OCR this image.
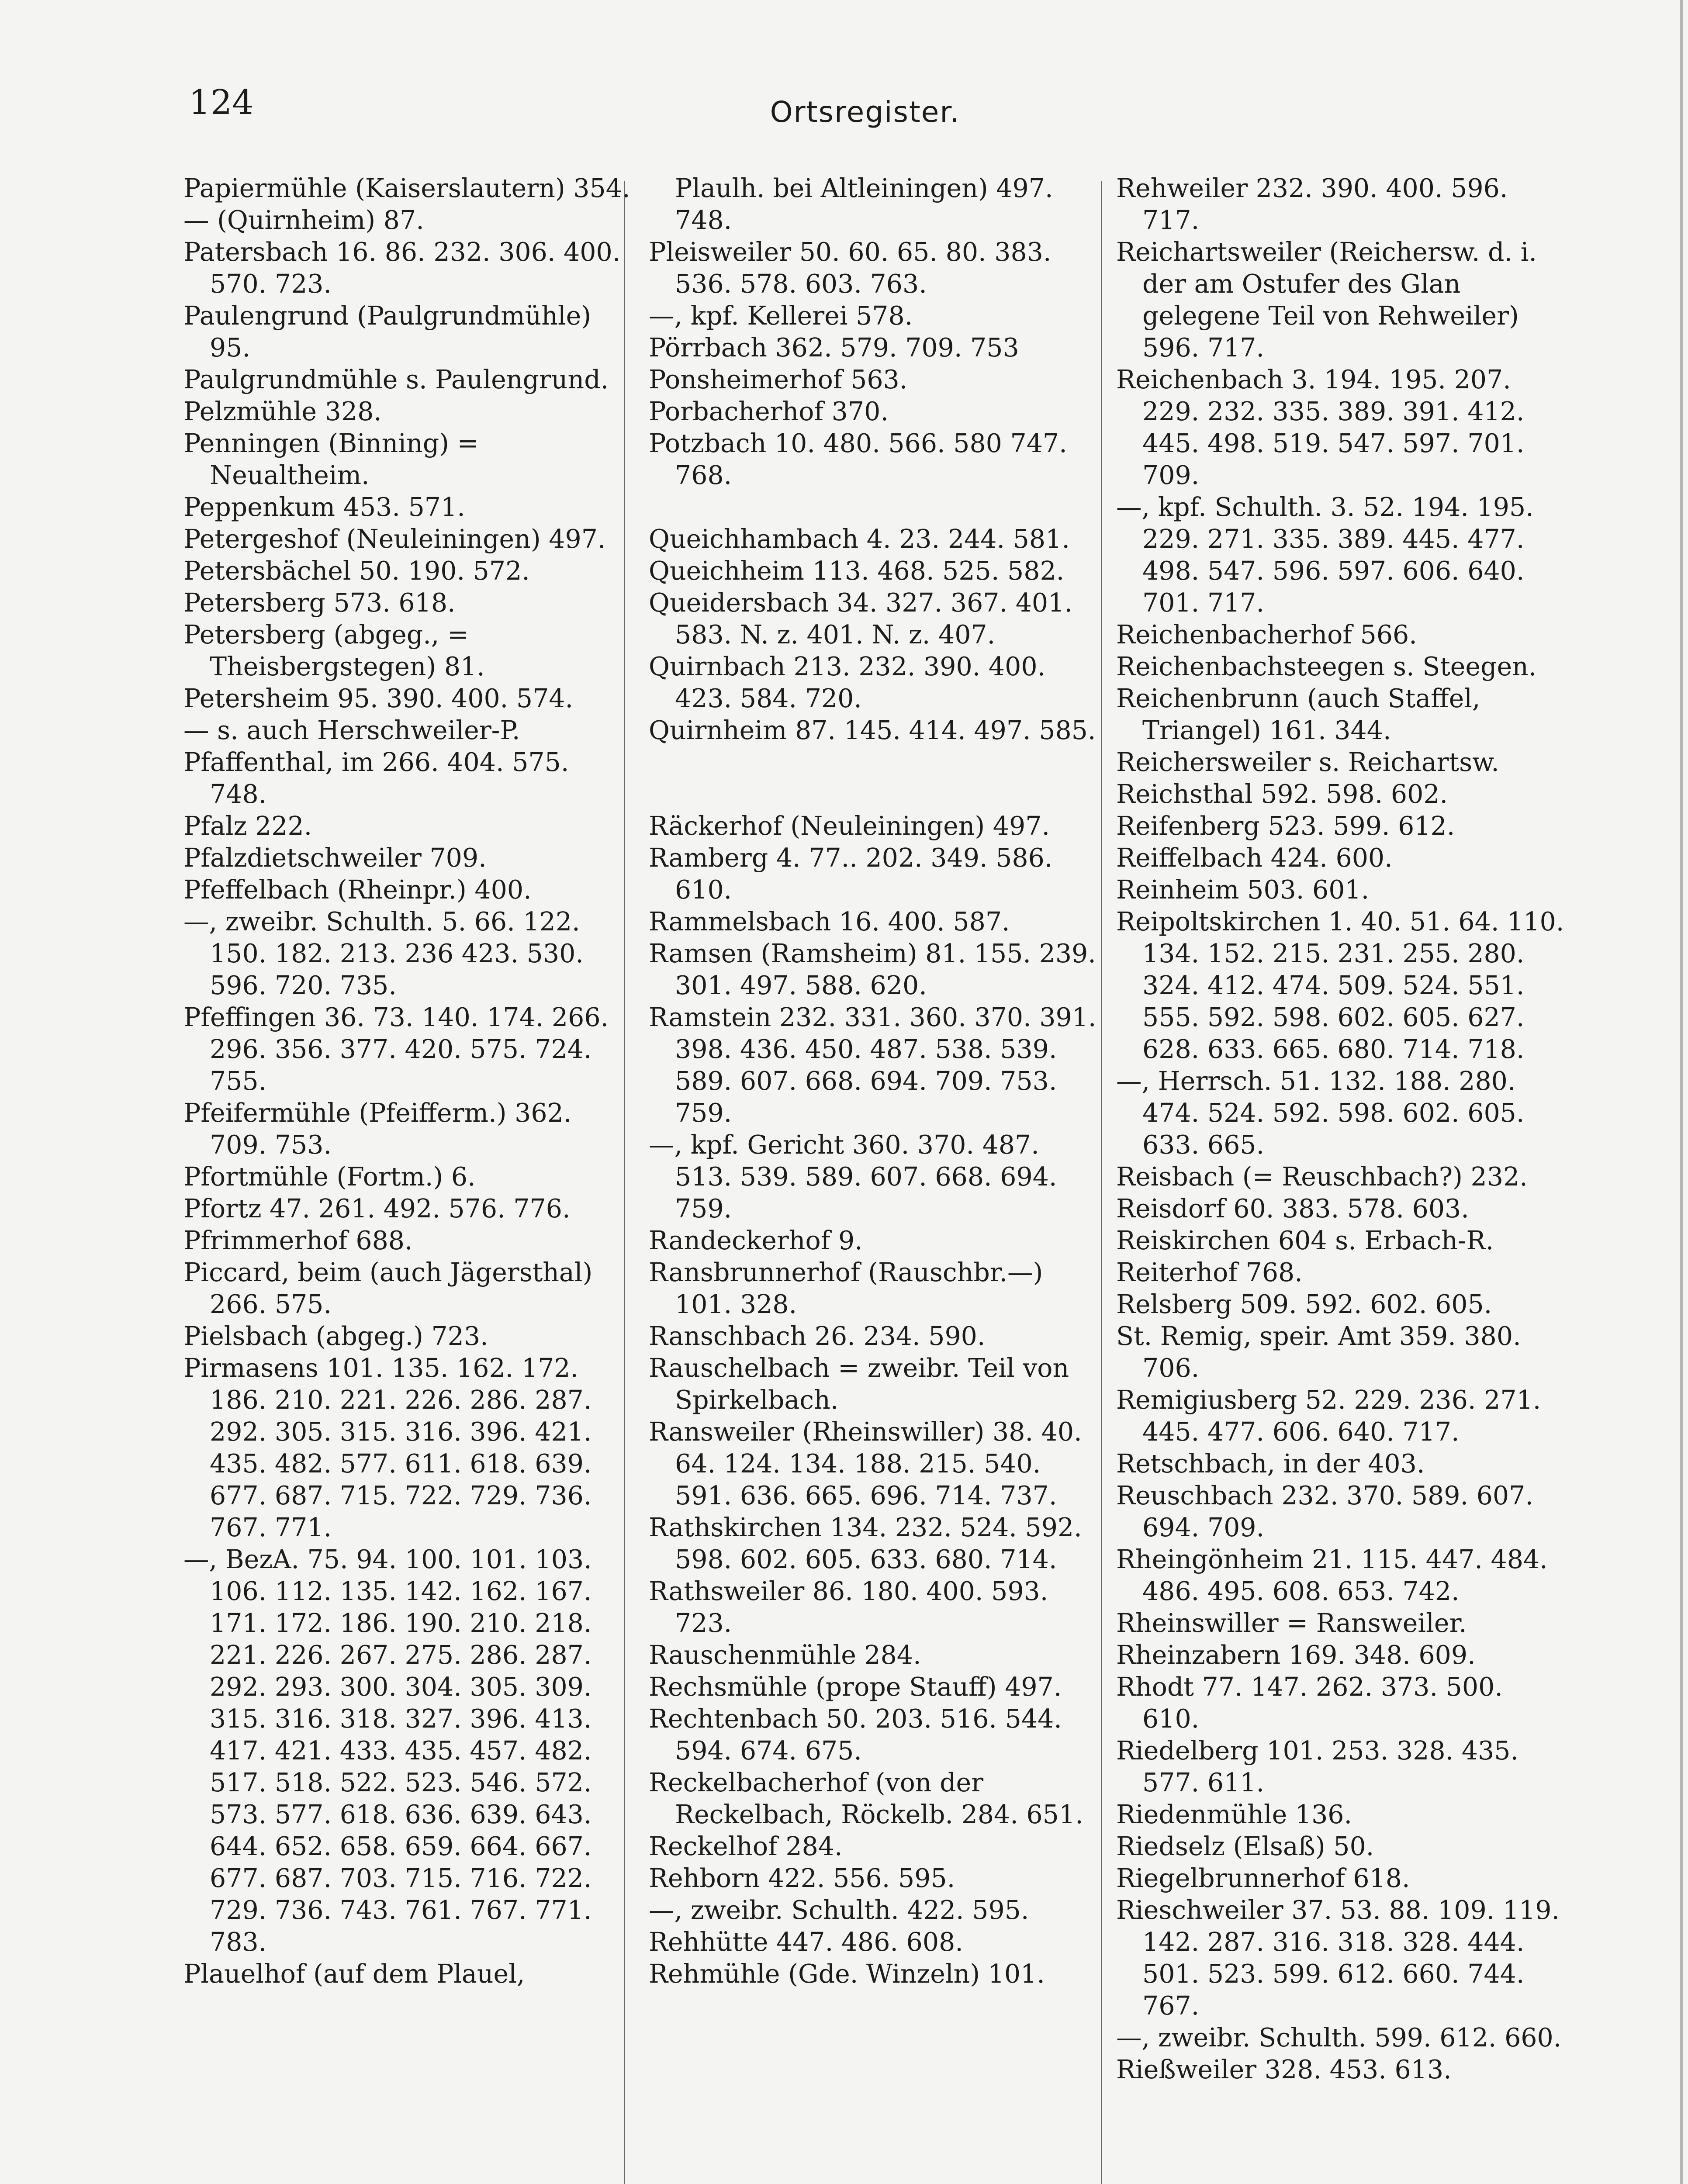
124	Ortsregister.
Papiermühle (Kaiserslautern) 354.
— (Quirnheim) 87.
Patersbach 16. 86. 232. 306. 400. 570. 723.
Paulengrund (Paulgrundmühle) 95.
Paulgrundmühle s. Paulengrund.
Pelzmühle 328.
Penningen (Binning) = Neualtheim.
Peppenkum 453. 571.
Petergeshof (Neuleiningen) 497.
Petersbächel 50. 190. 572.
Petersberg 573. 618.
Petersberg (abgeg., = Theisbergstegen) 81.
Petersheim 95. 390. 400. 574.
— s. auch Herschweiler-P.
Pfaffenthal, im 266. 404. 575. 748.
Pfalz 222.
Pfalzdietschweiler 709.
Pfeffelbach (Rheinpr.) 400.
—, zweibr. Schulth. 5. 66. 122. 150. 182. 213. 236 423. 530. 596. 720. 735.
Pfeffingen 36. 73. 140. 174. 266. 296. 356. 377. 420. 575. 724. 755.
Pfeifermühle (Pfeifferm.) 362. 709. 753.
Pfortmühle (Fortm.) 6.
Pfortz 47. 261. 492. 576. 776.
Pfrimmerhof 688.
Piccard, beim (auch Jägersthal) 266. 575.
Pielsbach (abgeg.) 723.
Pirmasens 101. 135. 162. 172. 186. 210. 221. 226. 286. 287. 292. 305. 315. 316. 396. 421. 435. 482. 577. 611. 618. 639. 677. 687. 715. 722. 729. 736. 767. 771.
—, BezA. 75. 94. 100. 101. 103. 106. 112. 135. 142. 162. 167. 171. 172. 186. 190. 210. 218. 221. 226. 267. 275. 286. 287. 292. 293. 300. 304. 305. 309. 315. 316. 318. 327. 396. 413. 417. 421. 433. 435. 457. 482. 517. 518. 522. 523. 546. 572. 573. 577. 618. 636. 639. 643. 644. 652. 658. 659. 664. 667. 677. 687. 703. 715. 716. 722. 729. 736. 743. 761. 767. 771. 783.
Plauelhof (auf dem Plauel,
Plaulh. bei Altleiningen) 497. 748.
Pleisweiler 50. 60. 65. 80. 383. 536. 578. 603. 763.
—, kpf. Kellerei 578.
Pörrbach 362. 579. 709. 753
Ponsheimerhof 563.
Porbacherhof 370.
Potzbach 10. 480. 566. 580 747. 768.
Queichhambach 4. 23. 244. 581.
Queichheim 113. 468. 525. 582.
Queidersbach 34. 327. 367. 401. 583. N. z. 401. N. z. 407.
Quirnbach 213. 232. 390. 400. 423. 584. 720.
Quirnheim 87. 145. 414. 497. 585.
Räckerhof (Neuleiningen) 497.
Ramberg 4. 77.. 202. 349. 586. 610.
Rammelsbach 16. 400. 587.
Ramsen (Ramsheim) 81. 155. 239. 301. 497. 588. 620.
Ramstein 232. 331. 360. 370. 391. 398. 436. 450. 487. 538. 539. 589. 607. 668. 694. 709. 753. 759.
—, kpf. Gericht 360. 370. 487. 513. 539. 589. 607. 668. 694. 759.
Randeckerhof 9.
Ransbrunnerhof (Rauschbr.—) 101. 328.
Ranschbach 26. 234. 590.
Rauschelbach = zweibr. Teil von Spirkelbach.
Ransweiler (Rheinswiller) 38. 40. 64. 124. 134. 188. 215. 540. 591. 636. 665. 696. 714. 737.
Rathskirchen 134. 232. 524. 592. 598. 602. 605. 633. 680. 714.
Rathsweiler 86. 180. 400. 593. 723.
Rauschenmühle 284.
Rechsmühle (prope Stauff) 497.
Rechtenbach 50. 203. 516. 544. 594. 674. 675.
Reckelbacherhof (von der Reckelbach, Röckelb. 284. 651.
Reckelhof 284.
Rehborn 422. 556. 595.
—, zweibr. Schulth. 422. 595.
Rehhütte 447. 486. 608.
Rehmühle (Gde. Winzeln) 101.
Rehweiler 232. 390. 400. 596. 717.
Reichartsweiler (Reichersw. d. i. der am Ostufer des Glan gelegene Teil von Rehweiler) 596. 717.
Reichenbach 3. 194. 195. 207. 229. 232. 335. 389. 391. 412. 445. 498. 519. 547. 597. 701. 709.
—, kpf. Schulth. 3. 52. 194. 195. 229. 271. 335. 389. 445. 477. 498. 547. 596. 597. 606. 640. 701. 717.
Reichenbacherhof 566.
Reichenbachsteegen s. Steegen.
Reichenbrunn (auch Staffel, Triangel) 161. 344.
Reichersweiler s. Reichartsw.
Reichsthal 592. 598. 602.
Reifenberg 523. 599. 612.
Reiffelbach 424. 600.
Reinheim 503. 601.
Reipoltskirchen 1. 40. 51. 64. 110. 134. 152. 215. 231. 255. 280. 324. 412. 474. 509. 524. 551. 555. 592. 598. 602. 605. 627. 628. 633. 665. 680. 714. 718.
—, Herrsch. 51. 132. 188. 280. 474. 524. 592. 598. 602. 605. 633. 665.
Reisbach (= Reuschbach?) 232.
Reisdorf 60. 383. 578. 603.
Reiskirchen 604 s. Erbach-R.
Reiterhof 768.
Relsberg 509. 592. 602. 605.
St. Remig, speir. Amt 359. 380. 706.
Remigiusberg 52. 229. 236. 271. 445. 477. 606. 640. 717.
Retschbach, in der 403.
Reuschbach 232. 370. 589. 607. 694. 709.
Rheingönheim 21. 115. 447. 484. 486. 495. 608. 653. 742.
Rheinswiller = Ransweiler.
Rheinzabern 169. 348. 609.
Rhodt 77. 147. 262. 373. 500. 610.
Riedelberg 101. 253. 328. 435. 577. 611.
Riedenmühle 136.
Riedselz (Elsaß) 50.
Riegelbrunnerhof 618.
Rieschweiler 37. 53. 88. 109. 119. 142. 287. 316. 318. 328. 444. 501. 523. 599. 612. 660. 744. 767.
—, zweibr. Schulth. 599. 612. 660.
Rießweiler 328. 453. 613.
